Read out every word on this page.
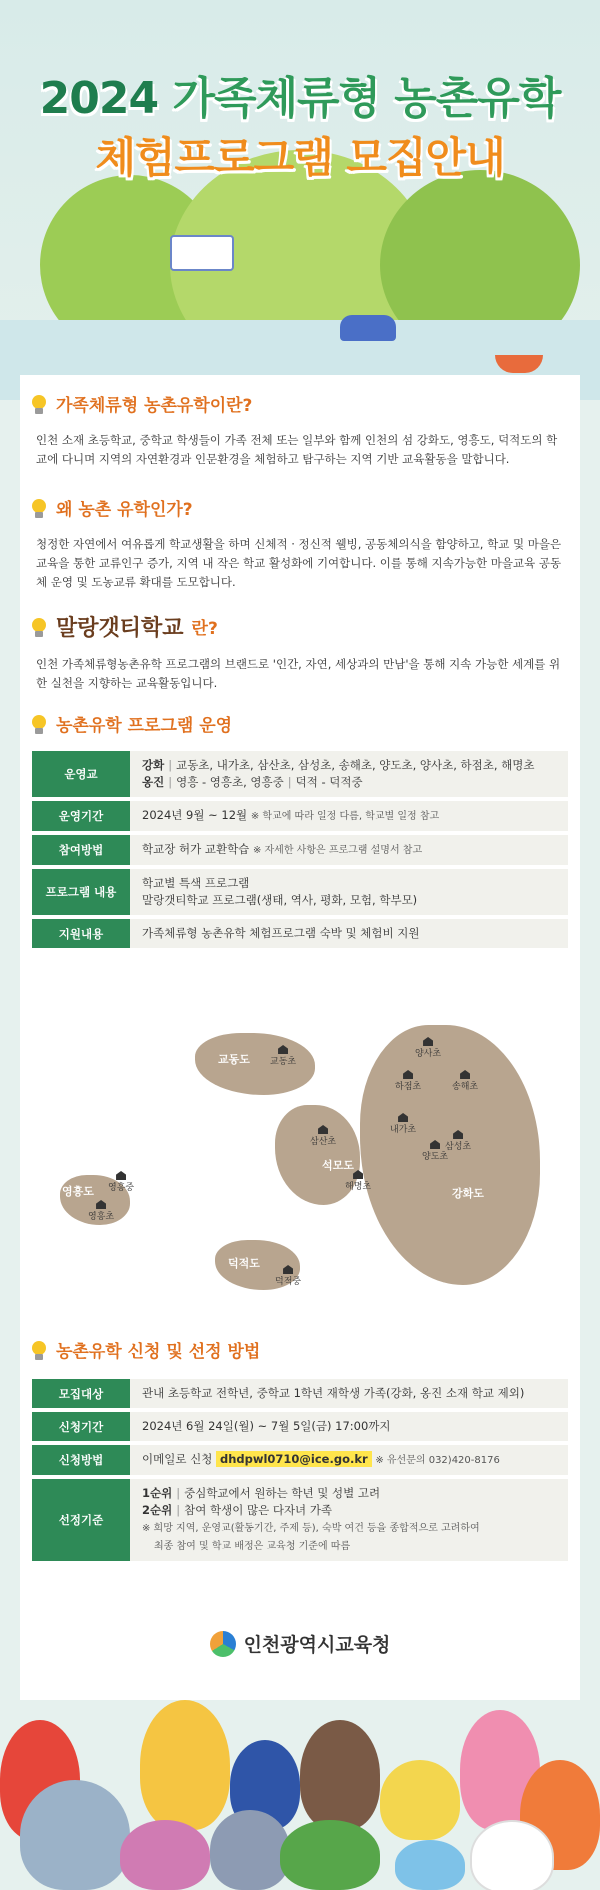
2024 가족체류형 농촌유학
체험프로그램 모집안내
가족체류형 농촌유학이란?
인천 소재 초등학교, 중학교 학생들이 가족 전체 또는 일부와 함께 인천의 섬 강화도, 영흥도, 덕적도의 학교에 다니며 지역의 자연환경과 인문환경을 체험하고 탐구하는 지역 기반 교육활동을 말합니다.
왜 농촌 유학인가?
청정한 자연에서 여유롭게 학교생활을 하며 신체적 · 정신적 웰빙, 공동체의식을 함양하고, 학교 및 마을은 교육을 통한 교류인구 증가, 지역 내 작은 학교 활성화에 기여합니다. 이를 통해 지속가능한 마을교육 공동체 운영 및 도농교류 확대를 도모합니다.
말랑갯티학교 란?
인천 가족체류형농촌유학 프로그램의 브랜드로 '인간, 자연, 세상과의 만남'을 통해 지속 가능한 세계를 위한 실천을 지향하는 교육활동입니다.
농촌유학 프로그램 운영
운영교	강화 | 교동초, 내가초, 삼산초, 삼성초, 송해초, 양도초, 양사초, 하점초, 해명초
옹진 | 영흥 - 영흥초, 영흥중 | 덕적 - 덕적중
운영기간	2024년 9월 ~ 12월 ※ 학교에 따라 일정 다름, 학교별 일정 참고
참여방법	학교장 허가 교환학습 ※ 자세한 사항은 프로그램 설명서 참고
프로그램 내용	학교별 특색 프로그램
말랑갯티학교 프로그램(생태, 역사, 평화, 모험, 학부모)
지원내용	가족체류형 농촌유학 체험프로그램 숙박 및 체험비 지원
교동도 교동초
강화도
양사초
하점초	송해초
내가초
삼성초
양도초
석모도
삼산초
해명초
영흥도 영흥중
영흥초
덕적도
덕적중
농촌유학 신청 및 선정 방법
모집대상	관내 초등학교 전학년, 중학교 1학년 재학생 가족(강화, 옹진 소재 학교 제외)
신청기간	2024년 6월 24일(월) ~ 7월 5일(금) 17:00까지
신청방법	이메일로 신청 dhdpwl0710@ice.go.kr ※ 유선문의 032)420-8176
선정기준	1순위 | 중심학교에서 원하는 학년 및 성별 고려
2순위 | 참여 학생이 많은 다자녀 가족
※ 희망 지역, 운영교(활동기간, 주제 등), 숙박 여건 등을 종합적으로 고려하여
최종 참여 및 학교 배정은 교육청 기준에 따름
인천광역시교육청
